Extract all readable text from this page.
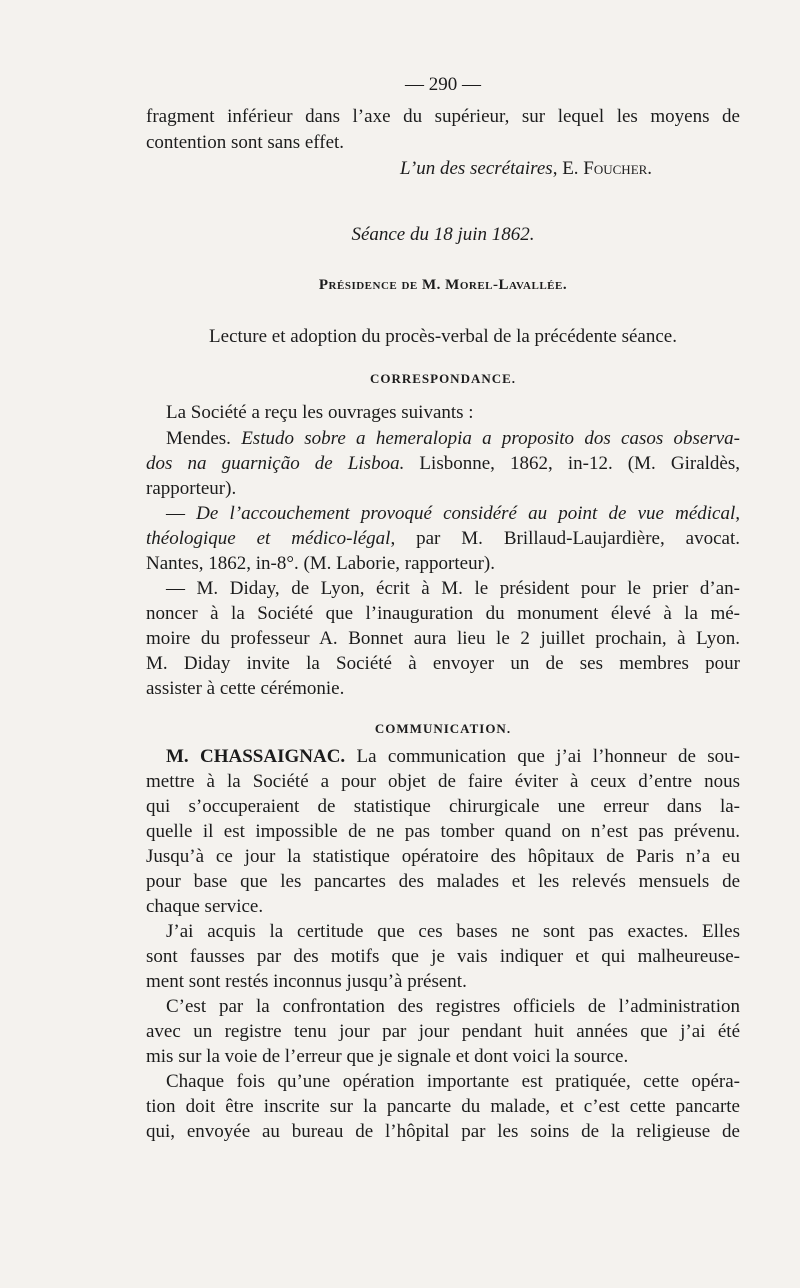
— 290 —
fragment inférieur dans l’axe du supérieur, sur lequel les moyens de
contention sont sans effet.
L’un des secrétaires, E. Foucher.
Séance du 18 juin 1862.
Présidence de M. Morel-Lavallée.
Lecture et adoption du procès-verbal de la précédente séance.
CORRESPONDANCE.
La Société a reçu les ouvrages suivants :
Mendes. Estudo sobre a hemeralopia a proposito dos casos observa-
dos na guarnição de Lisboa. Lisbonne, 1862, in-12. (M. Giraldès,
rapporteur).
— De l’accouchement provoqué considéré au point de vue médical,
théologique et médico-légal, par M. Brillaud-Laujardière, avocat.
Nantes, 1862, in-8°. (M. Laborie, rapporteur).
— M. Diday, de Lyon, écrit à M. le président pour le prier d’an-
noncer à la Société que l’inauguration du monument élevé à la mé-
moire du professeur A. Bonnet aura lieu le 2 juillet prochain, à Lyon.
M. Diday invite la Société à envoyer un de ses membres pour
assister à cette cérémonie.
COMMUNICATION.
M. CHASSAIGNAC. La communication que j’ai l’honneur de sou-
mettre à la Société a pour objet de faire éviter à ceux d’entre nous
qui s’occuperaient de statistique chirurgicale une erreur dans la-
quelle il est impossible de ne pas tomber quand on n’est pas prévenu.
Jusqu’à ce jour la statistique opératoire des hôpitaux de Paris n’a eu
pour base que les pancartes des malades et les relevés mensuels de
chaque service.
J’ai acquis la certitude que ces bases ne sont pas exactes. Elles
sont fausses par des motifs que je vais indiquer et qui malheureuse-
ment sont restés inconnus jusqu’à présent.
C’est par la confrontation des registres officiels de l’administration
avec un registre tenu jour par jour pendant huit années que j’ai été
mis sur la voie de l’erreur que je signale et dont voici la source.
Chaque fois qu’une opération importante est pratiquée, cette opéra-
tion doit être inscrite sur la pancarte du malade, et c’est cette pancarte
qui, envoyée au bureau de l’hôpital par les soins de la religieuse de
